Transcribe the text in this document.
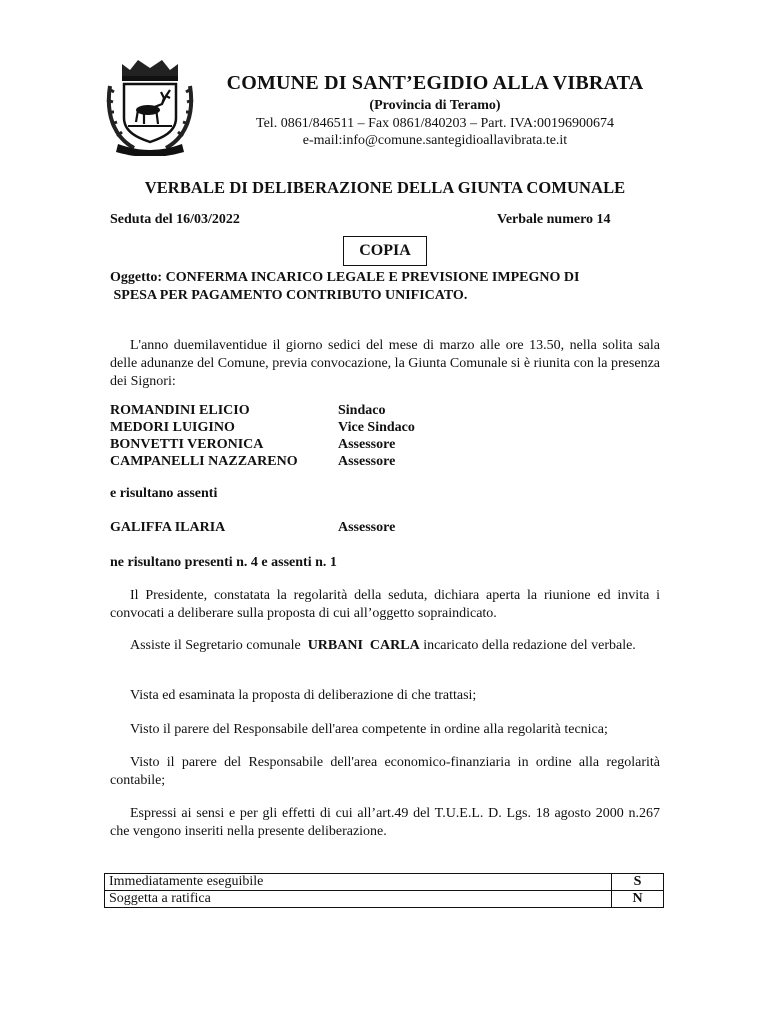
COMUNE DI SANT’EGIDIO ALLA VIBRATA
(Provincia di Teramo)
Tel. 0861/846511 – Fax 0861/840203 – Part. IVA:00196900674
e-mail:info@comune.santegidioallavibrata.te.it
VERBALE DI DELIBERAZIONE DELLA GIUNTA COMUNALE
Seduta del 16/03/2022	Verbale numero 14
COPIA
Oggetto: CONFERMA INCARICO LEGALE E PREVISIONE IMPEGNO DI
SPESA PER PAGAMENTO CONTRIBUTO UNIFICATO.
L'anno duemilaventidue il giorno sedici del mese di marzo alle ore 13.50, nella solita sala delle adunanze del Comune, previa convocazione, la Giunta Comunale si è riunita con la presenza dei Signori:
ROMANDINI ELICIO	Sindaco
MEDORI LUIGINO	Vice Sindaco
BONVETTI VERONICA	Assessore
CAMPANELLI NAZZARENO	Assessore
e risultano assenti
GALIFFA ILARIA	Assessore
ne risultano presenti n. 4 e assenti n. 1
Il Presidente, constatata la regolarità della seduta, dichiara aperta la riunione ed invita i convocati a deliberare sulla proposta di cui all’oggetto sopraindicato.
Assiste il Segretario comunale  URBANI  CARLA incaricato della redazione del verbale.
Vista ed esaminata la proposta di deliberazione di che trattasi;
Visto il parere del Responsabile dell'area competente in ordine alla regolarità tecnica;
Visto il parere del Responsabile dell'area economico-finanziaria in ordine alla regolarità contabile;
Espressi ai sensi e per gli effetti di cui all’art.49 del T.U.E.L. D. Lgs. 18 agosto 2000 n.267 che vengono inseriti nella presente deliberazione.
Immediatamente eseguibile	S
Soggetta a ratifica	N
